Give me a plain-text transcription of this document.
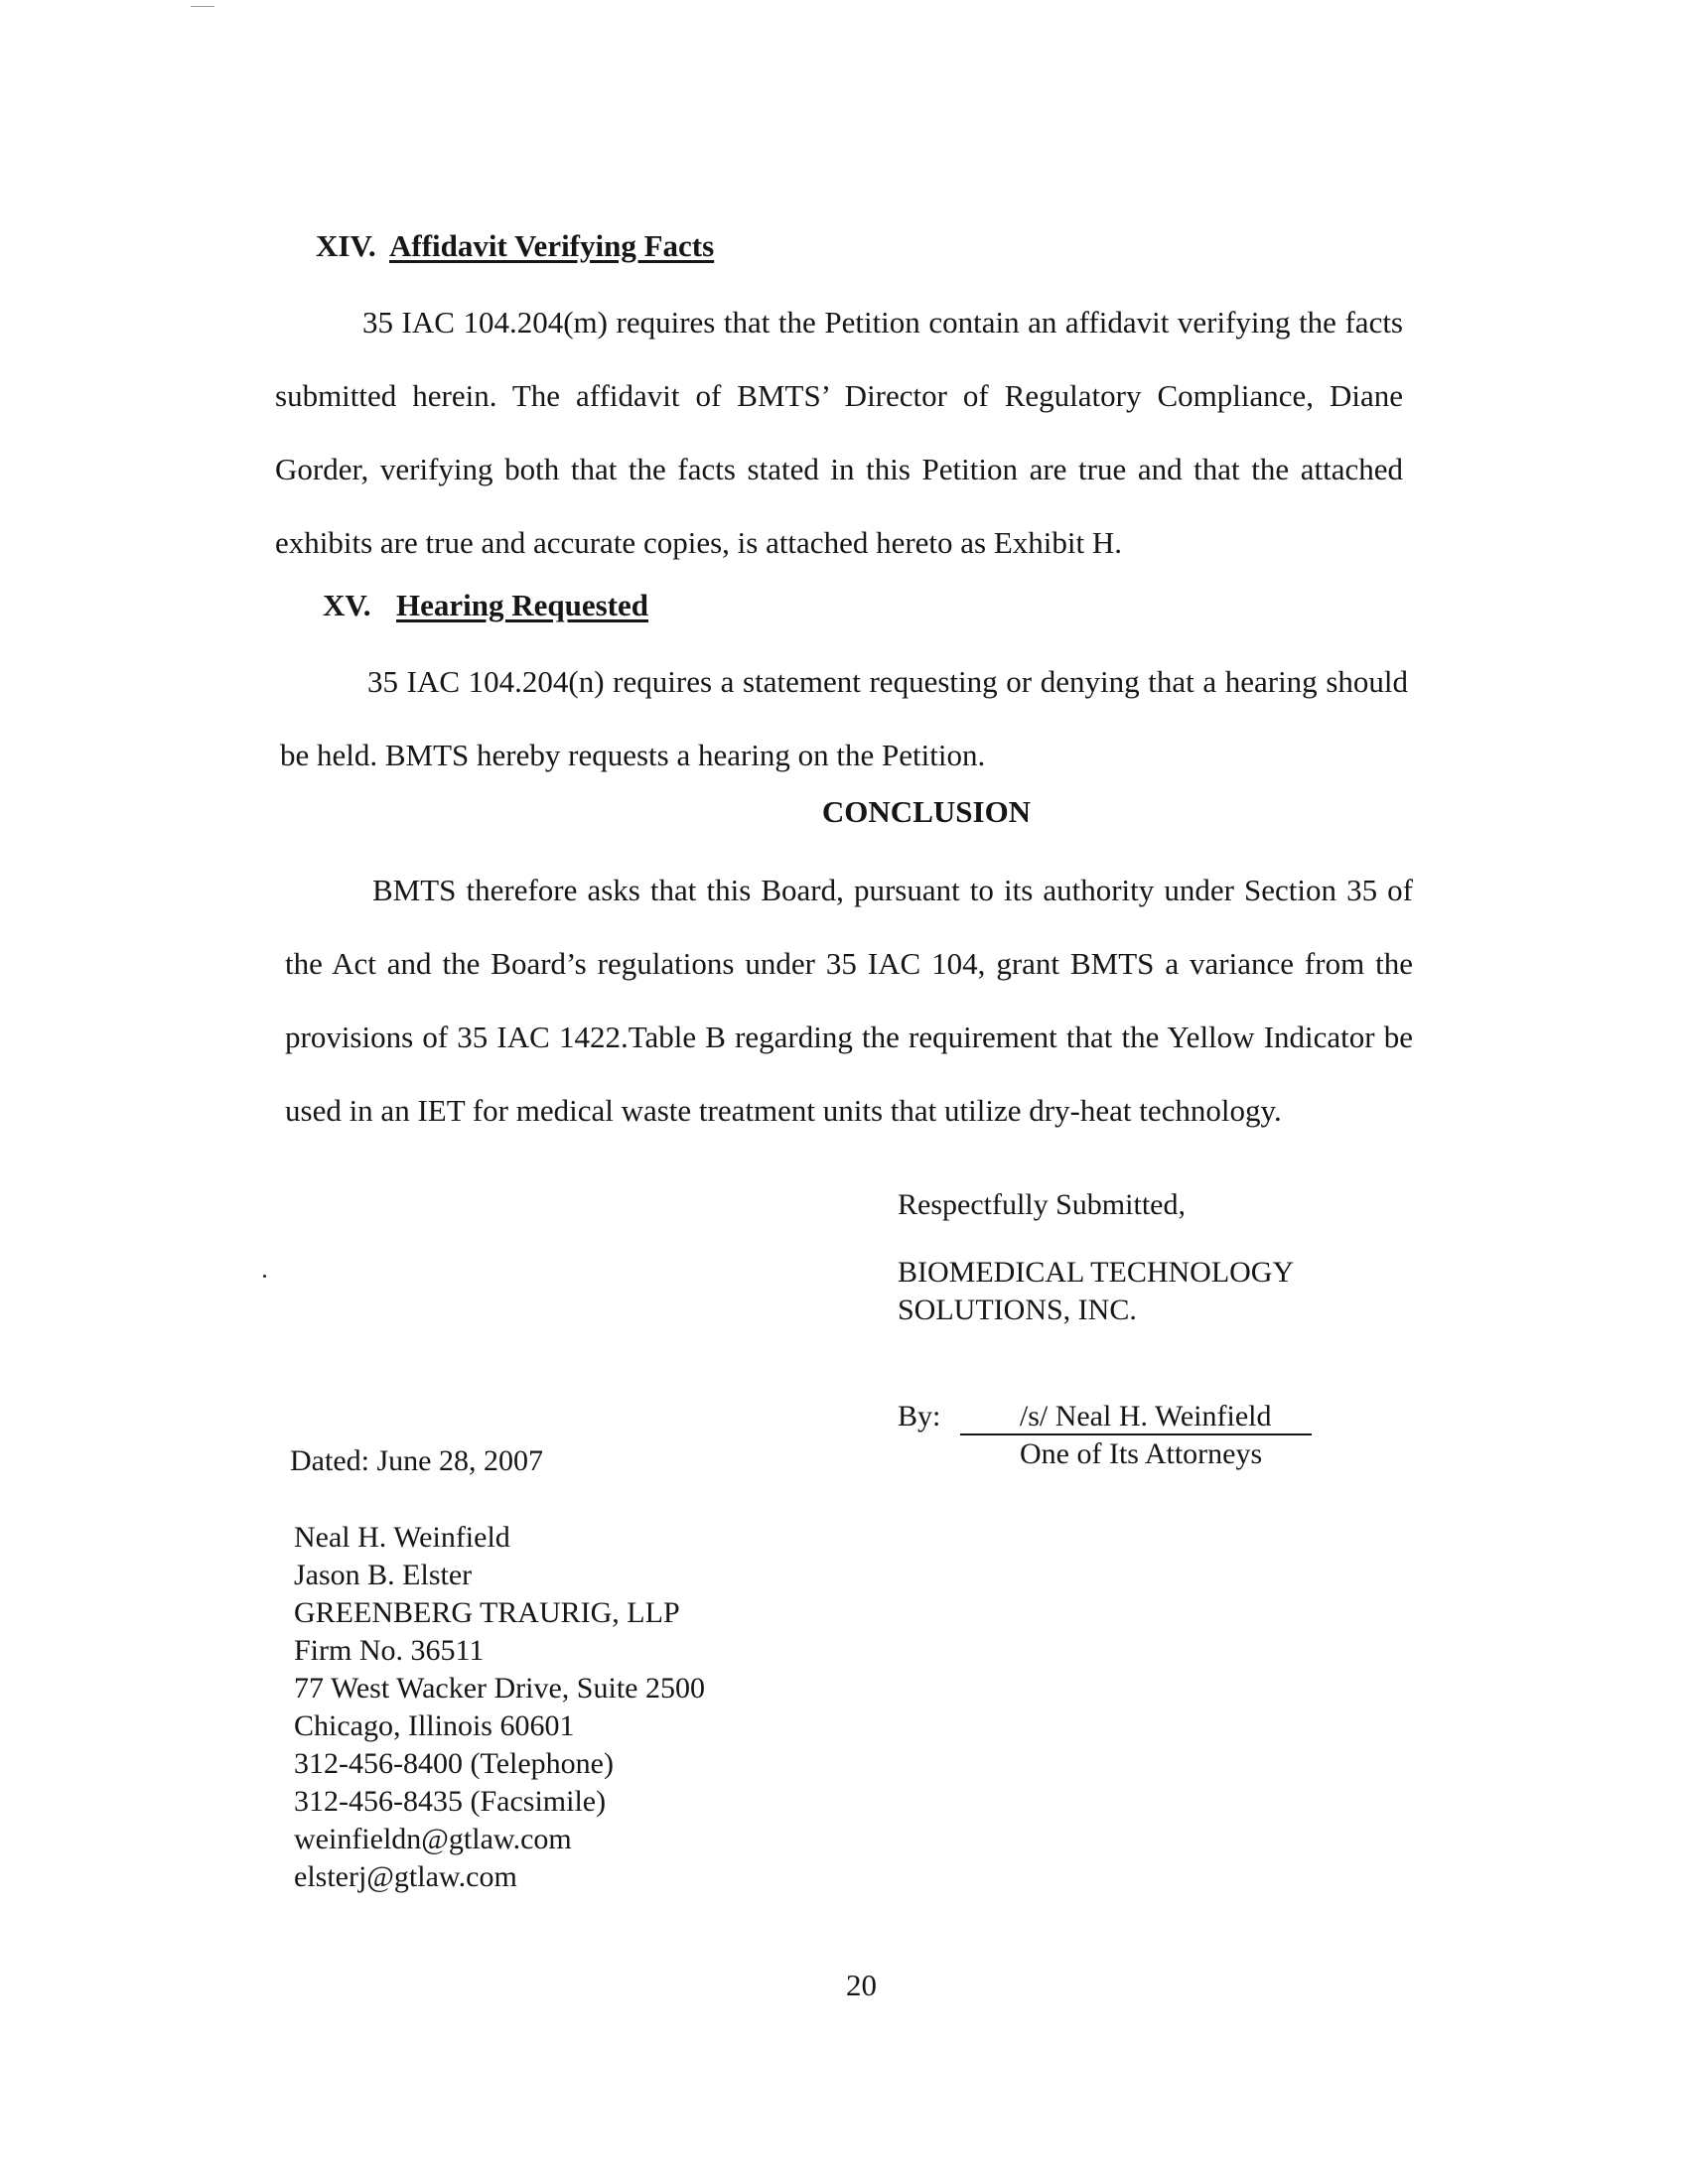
XIV. Affidavit Verifying Facts
35 IAC 104.204(m) requires that the Petition contain an affidavit verifying the facts submitted herein. The affidavit of BMTS’ Director of Regulatory Compliance, Diane Gorder, verifying both that the facts stated in this Petition are true and that the attached exhibits are true and accurate copies, is attached hereto as Exhibit H.
XV. Hearing Requested
35 IAC 104.204(n) requires a statement requesting or denying that a hearing should be held. BMTS hereby requests a hearing on the Petition.
CONCLUSION
BMTS therefore asks that this Board, pursuant to its authority under Section 35 of the Act and the Board’s regulations under 35 IAC 104, grant BMTS a variance from the provisions of 35 IAC 1422.Table B regarding the requirement that the Yellow Indicator be used in an IET for medical waste treatment units that utilize dry-heat technology.
Respectfully Submitted,
BIOMEDICAL TECHNOLOGY
SOLUTIONS, INC.
By:	/s/ Neal H. Weinfield
One of Its Attorneys
Dated: June 28, 2007
Neal H. Weinfield
Jason B. Elster
GREENBERG TRAURIG, LLP
Firm No. 36511
77 West Wacker Drive, Suite 2500
Chicago, Illinois 60601
312-456-8400 (Telephone)
312-456-8435 (Facsimile)
weinfieldn@gtlaw.com
elsterj@gtlaw.com
20
